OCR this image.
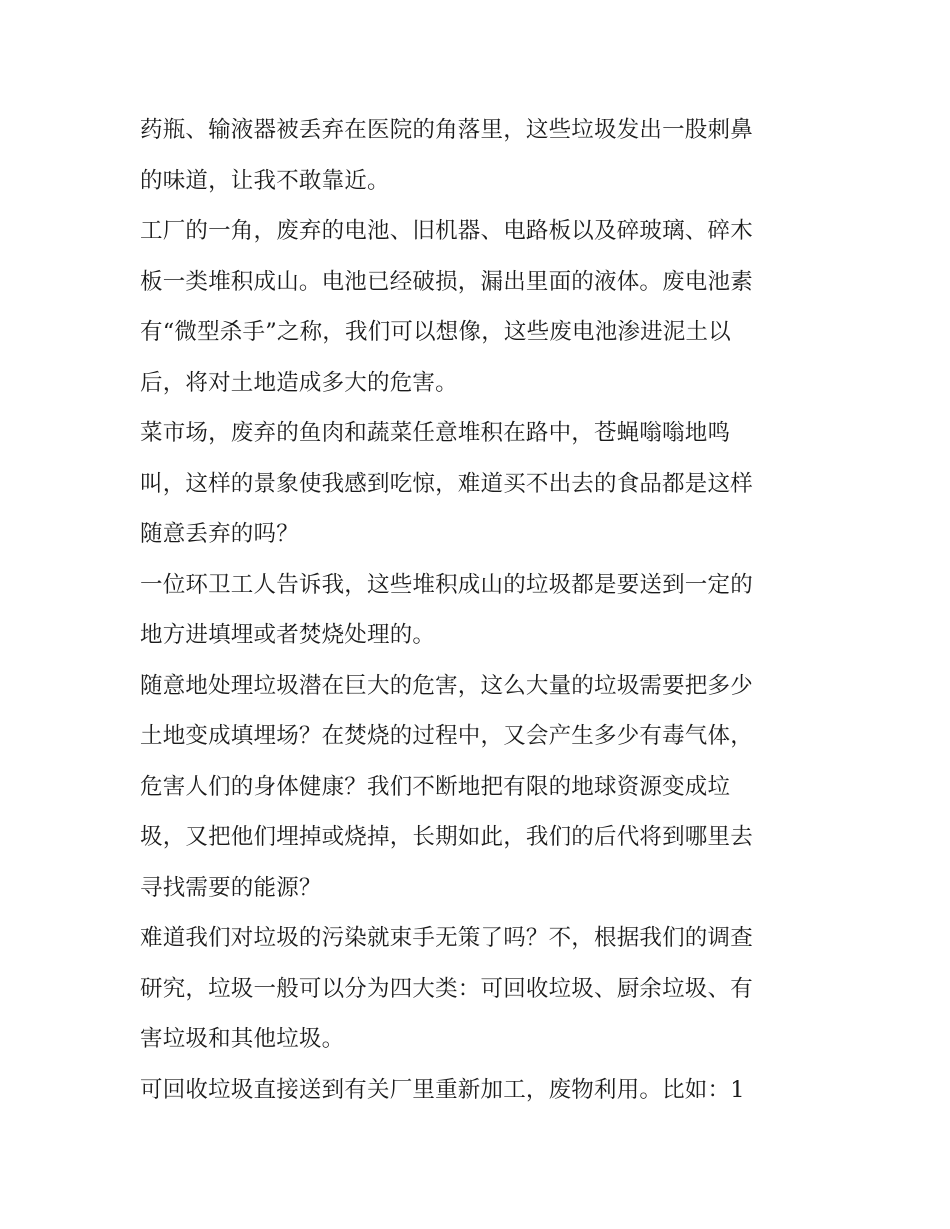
药瓶、输液器被丢弃在医院的角落里，这些垃圾发出一股刺鼻
的味道，让我不敢靠近。
工厂的一角，废弃的电池、旧机器、电路板以及碎玻璃、碎木
板一类堆积成山。电池已经破损，漏出里面的液体。废电池素
有“微型杀手”之称，我们可以想像，这些废电池渗进泥土以
后，将对土地造成多大的危害。
菜市场，废弃的鱼肉和蔬菜任意堆积在路中，苍蝇嗡嗡地鸣
叫，这样的景象使我感到吃惊，难道买不出去的食品都是这样
随意丢弃的吗？
一位环卫工人告诉我，这些堆积成山的垃圾都是要送到一定的
地方进填埋或者焚烧处理的。
随意地处理垃圾潜在巨大的危害，这么大量的垃圾需要把多少
土地变成填埋场？在焚烧的过程中，又会产生多少有毒气体，
危害人们的身体健康？我们不断地把有限的地球资源变成垃
圾，又把他们埋掉或烧掉，长期如此，我们的后代将到哪里去
寻找需要的能源？
难道我们对垃圾的污染就束手无策了吗？不，根据我们的调查
研究，垃圾一般可以分为四大类：可回收垃圾、厨余垃圾、有
害垃圾和其他垃圾。
可回收垃圾直接送到有关厂里重新加工，废物利用。比如：1
